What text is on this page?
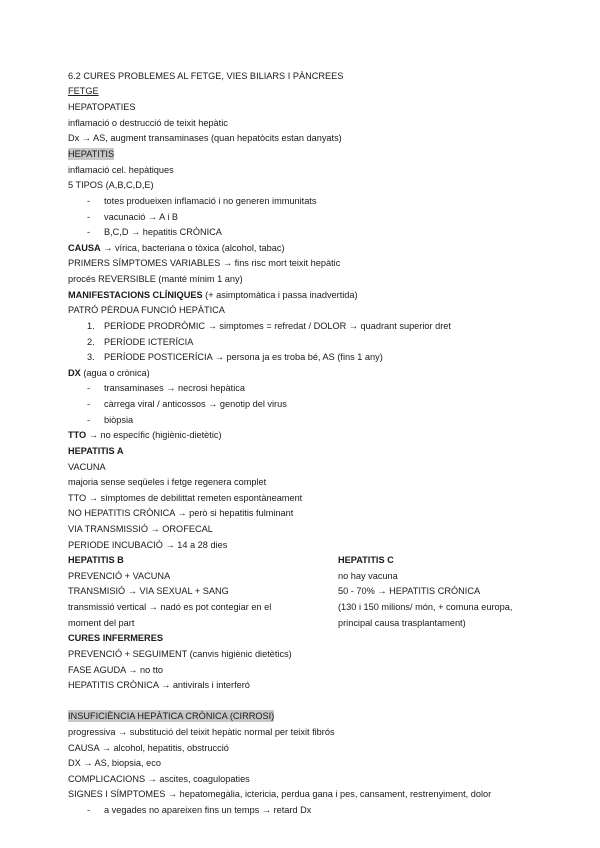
6.2 CURES PROBLEMES AL FETGE, VIES BILIARS I PÀNCREES
FETGE
HEPATOPATIES
inflamació o destrucció de teixit hepàtic
Dx → AS, augment transaminases (quan hepatòcits estan danyats)
HEPATITIS
inflamació cel. hepàtiques
5 TIPOS (A,B,C,D,E)
- totes produeixen inflamació i no generen immunitats
- vacunació → A i B
- B,C,D → hepatitis CRÒNICA
CAUSA → vírica, bacteriana o tòxica (alcohol, tabac)
PRIMERS SÍMPTOMES VARIABLES → fins risc mort teixit hepàtic
procés REVERSIBLE (manté mínim 1 any)
MANIFESTACIONS CLÍNIQUES (+ asimptomàtica i passa inadvertida)
PATRÓ PÈRDUA FUNCIÓ HEPÀTICA
1. PERÍODE PRODRÒMIC → simptomes = refredat / DOLOR → quadrant superior dret
2. PERÍODE ICTERÍCIA
3. PERÍODE POSTICERÍCIA → persona ja es troba bé, AS (fins 1 any)
DX (agua o crònica)
- transaminases → necrosi hepàtica
- càrrega viral / anticossos → genotip del virus
- biòpsia
TTO → no específic (higiènic-dietètic)
HEPATITIS A
VACUNA
majoria sense seqüeles i fetge regenera complet
TTO → símptomes de debilittat remeten espontàneament
NO HEPATITIS CRÒNICA → però si hepatitis fulminant
VIA TRANSMISSIÓ → OROFECAL
PERIODE INCUBACIÓ → 14 a 28 dies
HEPATITIS B
PREVENCIÓ + VACUNA
TRANSMISIÓ → VIA SEXUAL + SANG
transmissió vertical → nadó es pot contegiar en el
moment del part
HEPATITIS C
no hay vacuna
50 - 70% → HEPATITIS CRÓNICA
(130 i 150 milions/ món, + comuna europa,
principal causa trasplantament)
CURES INFERMERES
PREVENCIÓ + SEGUIMENT (canvis higiènic dietètics)
FASE AGUDA → no tto
HEPATITIS CRÒNICA → antivirals i interferó
INSUFICIÈNCIA HEPÀTICA CRÒNICA (CIRROSI)
progressiva → substitució del teixit hepàtic normal per teixit fibrós
CAUSA → alcohol, hepatitis, obstrucció
DX → AS, biopsia, eco
COMPLICACIONS → ascites, coagulopaties
SIGNES I SÍMPTOMES → hepatomegàlia, ictericia, perdua gana i pes, cansament, restrenyiment, dolor
- a vegades no apareixen fins un temps → retard Dx
